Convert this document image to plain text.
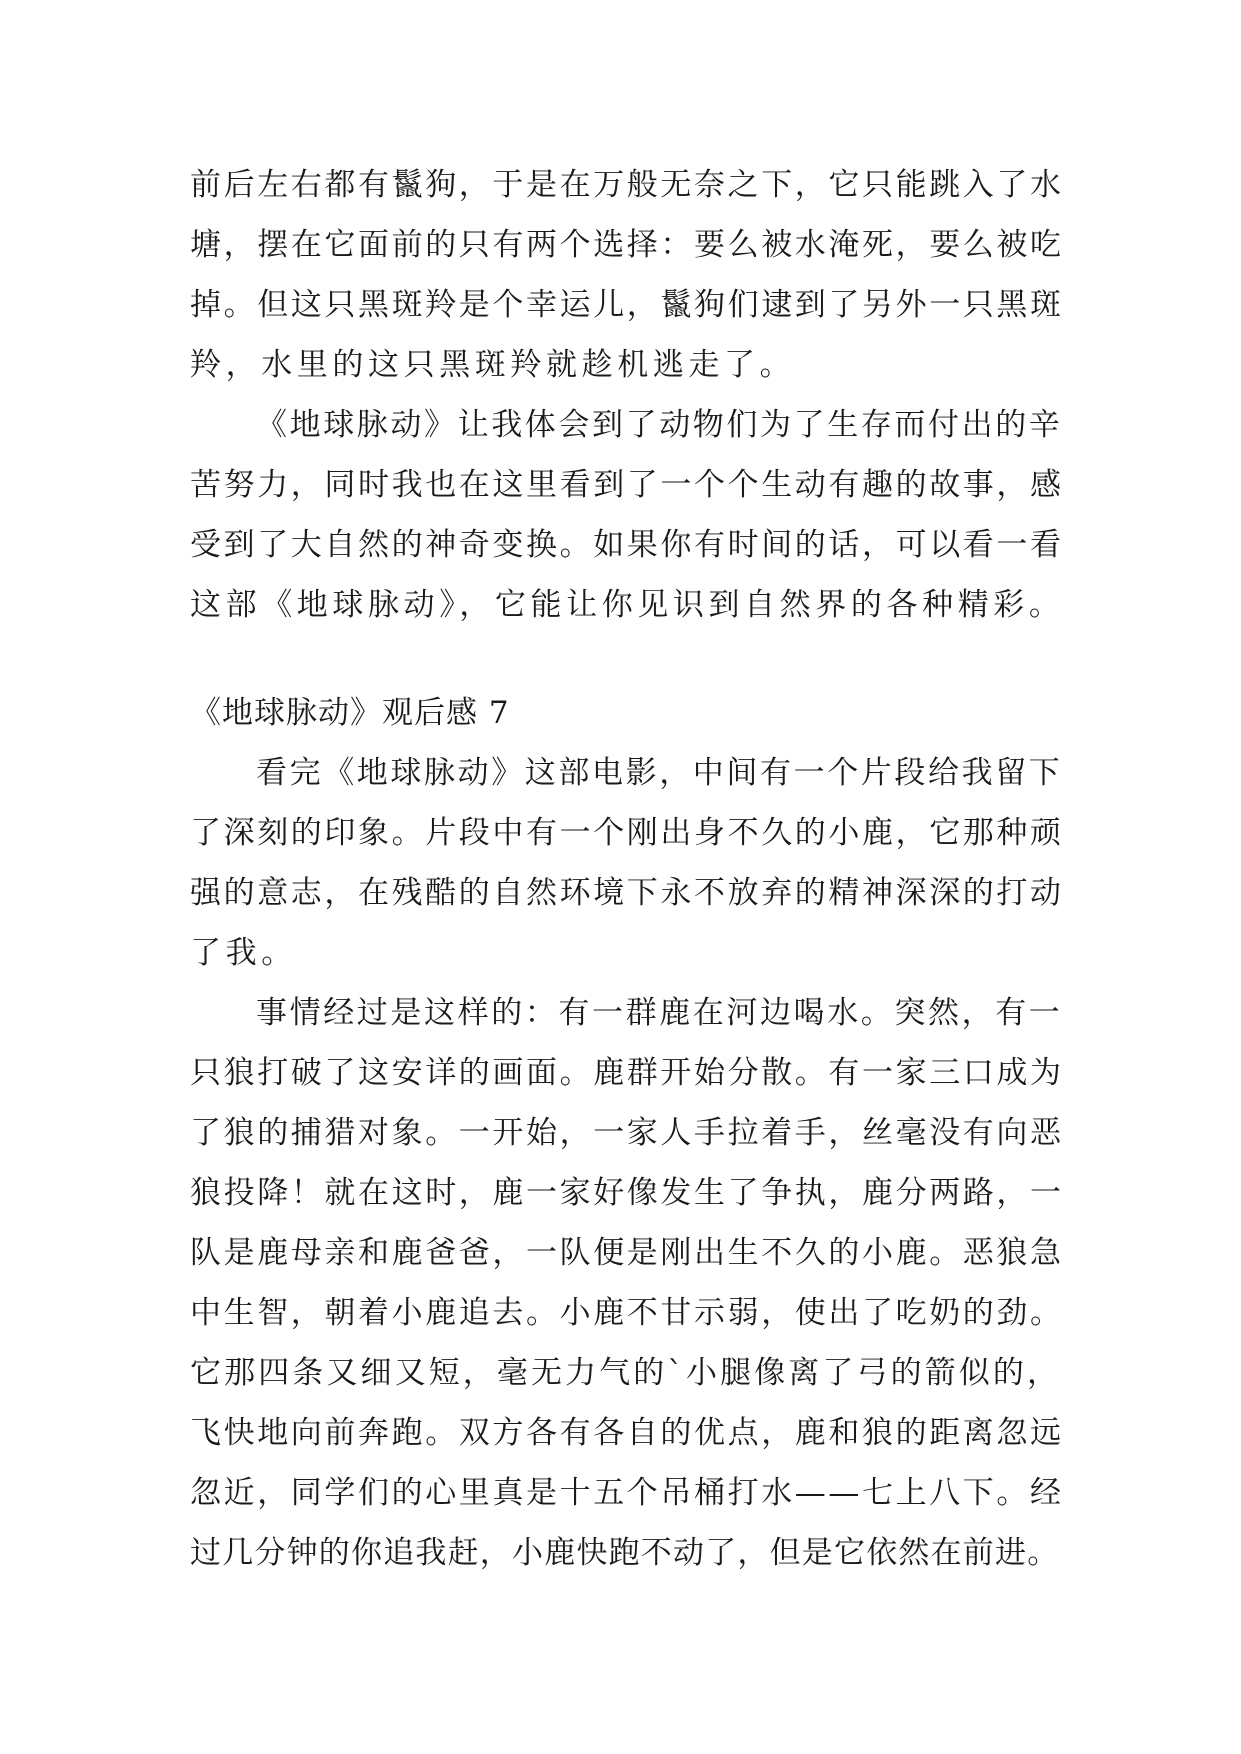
前后左右都有鬣狗，于是在万般无奈之下，它只能跳入了水
塘，摆在它面前的只有两个选择：要么被水淹死，要么被吃
掉。但这只黑斑羚是个幸运儿，鬣狗们逮到了另外一只黑斑
羚，水里的这只黑斑羚就趁机逃走了。
《地球脉动》让我体会到了动物们为了生存而付出的辛
苦努力，同时我也在这里看到了一个个生动有趣的故事，感
受到了大自然的神奇变换。如果你有时间的话，可以看一看
这部《地球脉动》，它能让你见识到自然界的各种精彩。
《地球脉动》观后感 7
看完《地球脉动》这部电影，中间有一个片段给我留下
了深刻的印象。片段中有一个刚出身不久的小鹿，它那种顽
强的意志，在残酷的自然环境下永不放弃的精神深深的打动
了我。
事情经过是这样的：有一群鹿在河边喝水。突然，有一
只狼打破了这安详的画面。鹿群开始分散。有一家三口成为
了狼的捕猎对象。一开始，一家人手拉着手，丝毫没有向恶
狼投降！就在这时，鹿一家好像发生了争执，鹿分两路，一
队是鹿母亲和鹿爸爸，一队便是刚出生不久的小鹿。恶狼急
中生智，朝着小鹿追去。小鹿不甘示弱，使出了吃奶的劲。
它那四条又细又短，毫无力气的`小腿像离了弓的箭似的，
飞快地向前奔跑。双方各有各自的优点，鹿和狼的距离忽远
忽近，同学们的心里真是十五个吊桶打水——七上八下。经
过几分钟的你追我赶，小鹿快跑不动了，但是它依然在前进。
